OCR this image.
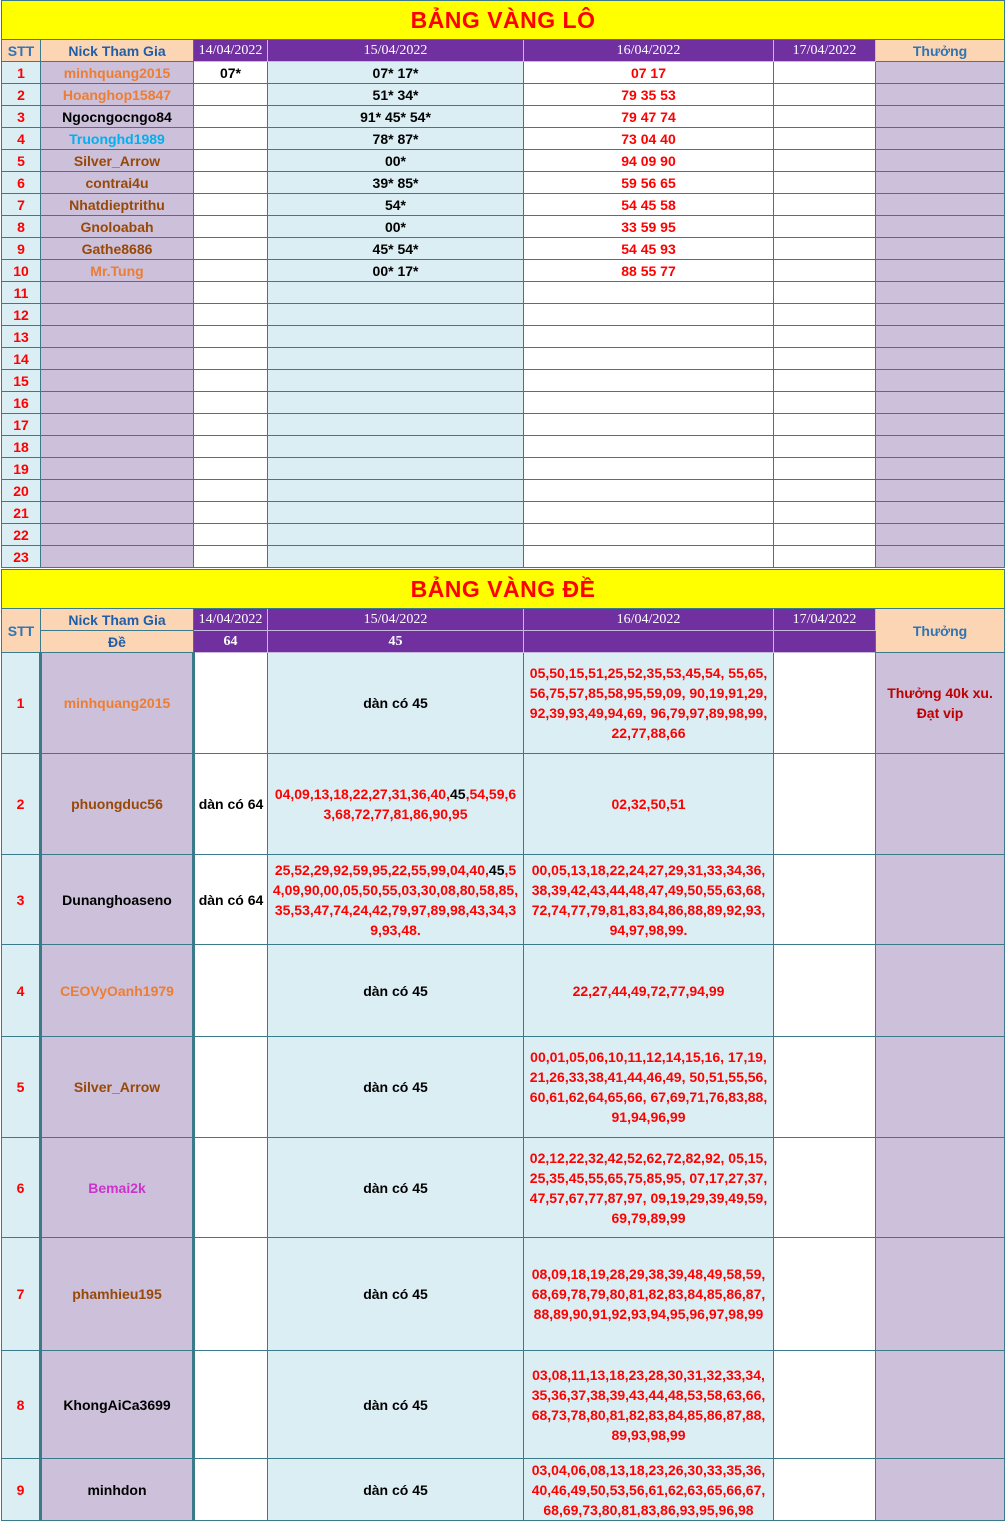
BẢNG VÀNG LÔ						
STT	Nick Tham Gia	14/04/2022	15/04/2022	16/04/2022	17/04/2022	Thưởng
1	minhquang2015	07*	07* 17*	07 17		
2	Hoanghop15847		51* 34*	79 35 53		
3	Ngocngocngo84		91* 45* 54*	79 47 74		
4	Truonghd1989		78* 87*	73 04 40		
5	Silver_Arrow		00*	94 09 90		
6	contrai4u		39* 85*	59 56 65		
7	Nhatdieptrithu		54*	54 45 58		
8	Gnoloabah		00*	33 59 95		
9	Gathe8686		45* 54*	54 45 93		
10	Mr.Tung		00* 17*	88 55 77		
11						
12						
13						
14						
15						
16						
17						
18						
19						
20						
21						
22						
23						
BẢNG VÀNG ĐỀ						
STT	Nick Tham Gia	14/04/2022	15/04/2022	16/04/2022	17/04/2022	Thưởng
	Đề	64	45			
1	minhquang2015		dàn có 45	05,50,15,51,25,52,35,53,45,54, 55,65,56,75,57,85,58,95,59,09, 90,19,91,29,92,39,93,49,94,69, 96,79,97,89,98,99,22,77,88,66		Thưởng 40k xu. Đạt vip
2	phuongduc56	dàn có 64	04,09,13,18,22,27,31,36,40,45,54,59,63,68,72,77,81,86,90,95	02,32,50,51		
3	Dunanghoaseno	dàn có 64	25,52,29,92,59,95,22,55,99,04,40,45,54,09,90,00,05,50,55,03,30,08,80,58,85,35,53,47,74,24,42,79,97,89,98,43,34,39,93,48.	00,05,13,18,22,24,27,29,31,33,34,36, 38,39,42,43,44,48,47,49,50,55,63,68, 72,74,77,79,81,83,84,86,88,89,92,93, 94,97,98,99.		
4	CEOVyOanh1979		dàn có 45	22,27,44,49,72,77,94,99		
5	Silver_Arrow		dàn có 45	00,01,05,06,10,11,12,14,15,16, 17,19,21,26,33,38,41,44,46,49, 50,51,55,56,60,61,62,64,65,66, 67,69,71,76,83,88,91,94,96,99		
6	Bemai2k		dàn có 45	02,12,22,32,42,52,62,72,82,92, 05,15,25,35,45,55,65,75,85,95, 07,17,27,37,47,57,67,77,87,97, 09,19,29,39,49,59,69,79,89,99		
7	phamhieu195		dàn có 45	08,09,18,19,28,29,38,39,48,49,58,59, 68,69,78,79,80,81,82,83,84,85,86,87, 88,89,90,91,92,93,94,95,96,97,98,99		
8	KhongAiCa3699		dàn có 45	03,08,11,13,18,23,28,30,31,32,33,34, 35,36,37,38,39,43,44,48,53,58,63,66, 68,73,78,80,81,82,83,84,85,86,87,88, 89,93,98,99		
9	minhdon		dàn có 45	03,04,06,08,13,18,23,26,30,33,35,36, 40,46,49,50,53,56,61,62,63,65,66,67, 68,69,73,80,81,83,86,93,95,96,98		
